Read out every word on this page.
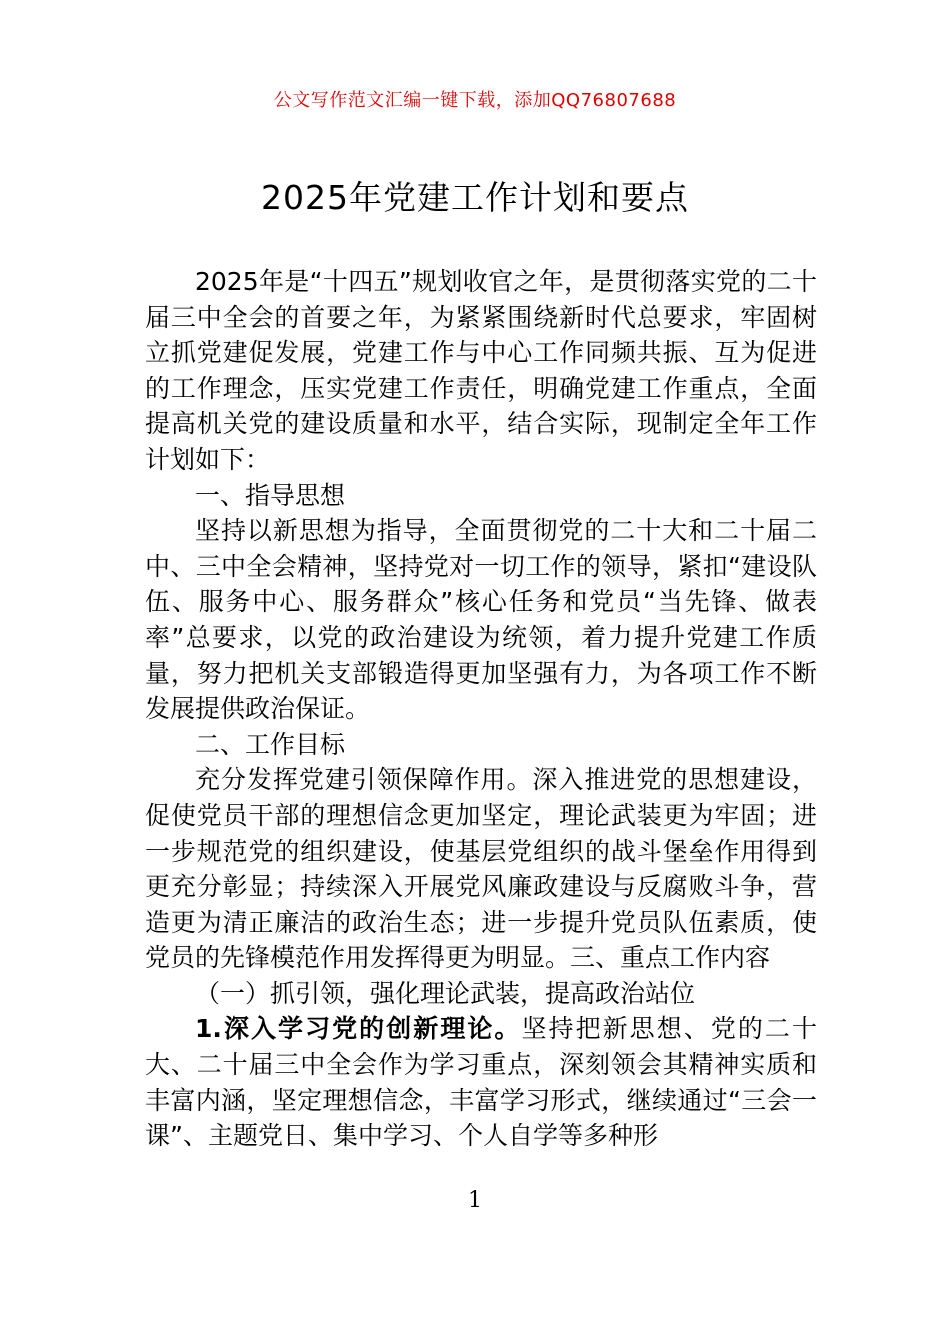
公文写作范文汇编一键下载，添加QQ76807688
2025年党建工作计划和要点

2025年是“十四五”规划收官之年，是贯彻落实党的二十届三中全会的首要之年，为紧紧围绕新时代总要求，牢固树立抓党建促发展，党建工作与中心工作同频共振、互为促进的工作理念，压实党建工作责任，明确党建工作重点，全面提高机关党的建设质量和水平，结合实际，现制定全年工作计划如下：

一、指导思想

坚持以新思想为指导，全面贯彻党的二十大和二十届二中、三中全会精神，坚持党对一切工作的领导，紧扣“建设队伍、服务中心、服务群众”核心任务和党员“当先锋、做表率”总要求，以党的政治建设为统领，着力提升党建工作质量，努力把机关支部锻造得更加坚强有力，为各项工作不断发展提供政治保证。

二、工作目标

充分发挥党建引领保障作用。深入推进党的思想建设，促使党员干部的理想信念更加坚定，理论武装更为牢固；进一步规范党的组织建设，使基层党组织的战斗堡垒作用得到更充分彰显；持续深入开展党风廉政建设与反腐败斗争，营造更为清正廉洁的政治生态；进一步提升党员队伍素质，使党员的先锋模范作用发挥得更为明显。三、重点工作内容

（一）抓引领，强化理论武装，提高政治站位

1.深入学习党的创新理论。坚持把新思想、党的二十大、二十届三中全会作为学习重点，深刻领会其精神实质和丰富内涵，坚定理想信念，丰富学习形式，继续通过“三会一课”、主题党日、集中学习、个人自学等多种形

1
